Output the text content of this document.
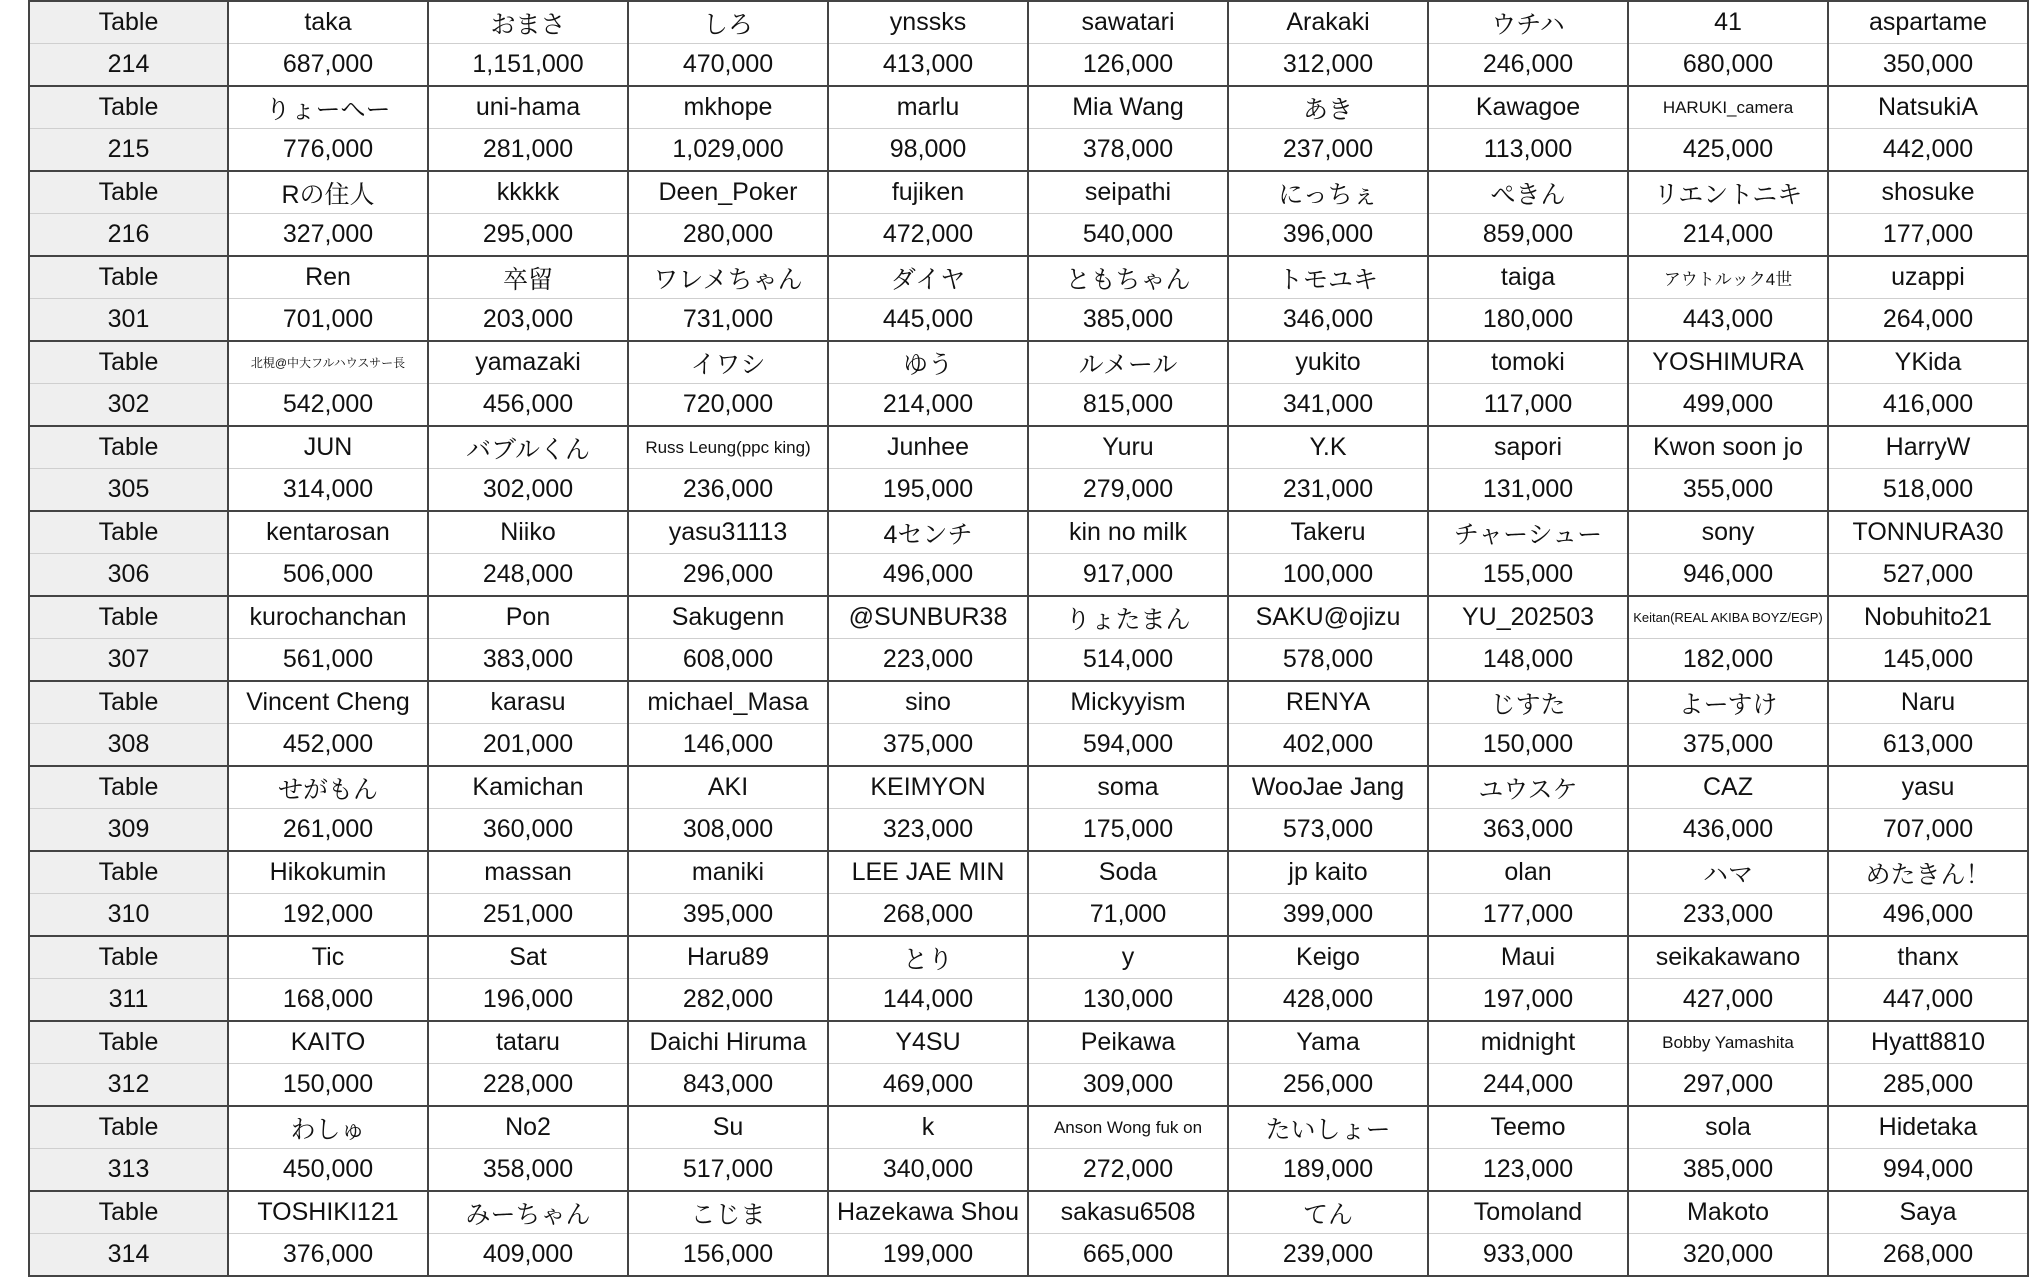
Table	taka	おまさ	しろ	ynssks	sawatari	Arakaki	ウチハ	41	aspartame
214	687,000	1,151,000	470,000	413,000	126,000	312,000	246,000	680,000	350,000
Table	りょーへー	uni-hama	mkhope	marlu	Mia Wang	あき	Kawagoe	HARUKI_camera	NatsukiA
215	776,000	281,000	1,029,000	98,000	378,000	237,000	113,000	425,000	442,000
Table	Rの住人	kkkkk	Deen_Poker	fujiken	seipathi	にっちぇ	ぺきん	リエントニキ	shosuke
216	327,000	295,000	280,000	472,000	540,000	396,000	859,000	214,000	177,000
Table	Ren	卒留	ワレメちゃん	ダイヤ	ともちゃん	トモユキ	taiga	アウトルック4世	uzappi
301	701,000	203,000	731,000	445,000	385,000	346,000	180,000	443,000	264,000
Table	北梘@中大フルハウスサー長	yamazaki	イワシ	ゆう	ルメール	yukito	tomoki	YOSHIMURA	YKida
302	542,000	456,000	720,000	214,000	815,000	341,000	117,000	499,000	416,000
Table	JUN	バブルくん	Russ Leung(ppc king)	Junhee	Yuru	Y.K	sapori	Kwon soon jo	HarryW
305	314,000	302,000	236,000	195,000	279,000	231,000	131,000	355,000	518,000
Table	kentarosan	Niiko	yasu31113	4センチ	kin no milk	Takeru	チャーシュー	sony	TONNURA30
306	506,000	248,000	296,000	496,000	917,000	100,000	155,000	946,000	527,000
Table	kurochanchan	Pon	Sakugenn	@SUNBUR38	りょたまん	SAKU@ojizu	YU_202503	Keitan(REAL AKIBA BOYZ/EGP)	Nobuhito21
307	561,000	383,000	608,000	223,000	514,000	578,000	148,000	182,000	145,000
Table	Vincent Cheng	karasu	michael_Masa	sino	Mickyyism	RENYA	じすた	よーすけ	Naru
308	452,000	201,000	146,000	375,000	594,000	402,000	150,000	375,000	613,000
Table	せがもん	Kamichan	AKI	KEIMYON	soma	WooJae Jang	ユウスケ	CAZ	yasu
309	261,000	360,000	308,000	323,000	175,000	573,000	363,000	436,000	707,000
Table	Hikokumin	massan	maniki	LEE JAE MIN	Soda	jp kaito	olan	ハマ	めたきん！
310	192,000	251,000	395,000	268,000	71,000	399,000	177,000	233,000	496,000
Table	Tic	Sat	Haru89	とり	y	Keigo	Maui	seikakawano	thanx
311	168,000	196,000	282,000	144,000	130,000	428,000	197,000	427,000	447,000
Table	KAITO	tataru	Daichi Hiruma	Y4SU	Peikawa	Yama	midnight	Bobby Yamashita	Hyatt8810
312	150,000	228,000	843,000	469,000	309,000	256,000	244,000	297,000	285,000
Table	わしゅ	No2	Su	k	Anson Wong fuk on	たいしょー	Teemo	sola	Hidetaka
313	450,000	358,000	517,000	340,000	272,000	189,000	123,000	385,000	994,000
Table	TOSHIKI121	みーちゃん	こじま	Hazekawa Shou	sakasu6508	てん	Tomoland	Makoto	Saya
314	376,000	409,000	156,000	199,000	665,000	239,000	933,000	320,000	268,000
